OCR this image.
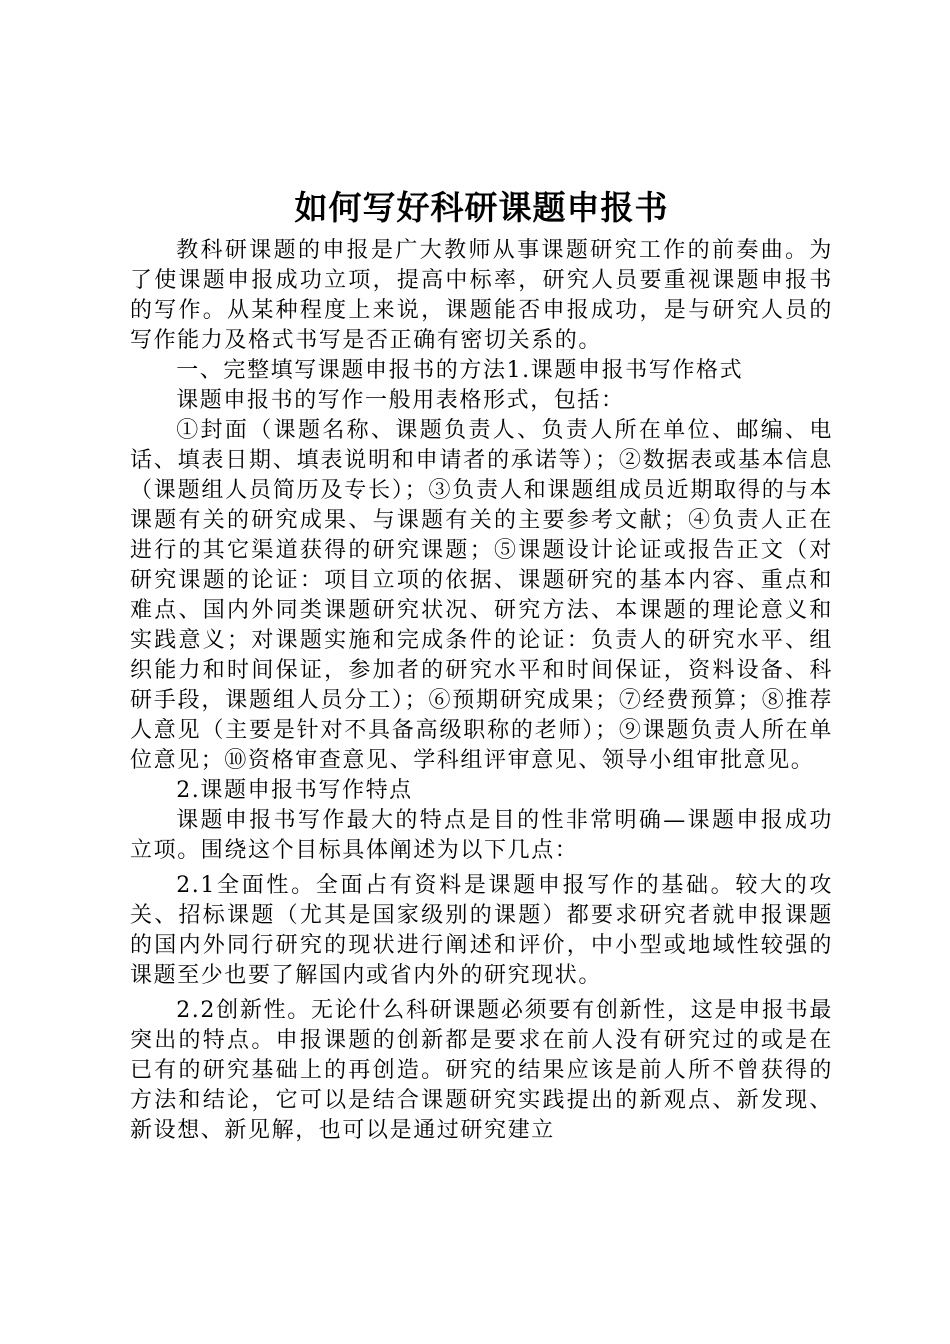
如何写好科研课题申报书

教科研课题的申报是广大教师从事课题研究工作的前奏曲。为了使课题申报成功立项，提高中标率，研究人员要重视课题申报书的写作。从某种程度上来说，课题能否申报成功，是与研究人员的写作能力及格式书写是否正确有密切关系的。

一、完整填写课题申报书的方法1.课题申报书写作格式

课题申报书的写作一般用表格形式，包括：

①封面（课题名称、课题负责人、负责人所在单位、邮编、电话、填表日期、填表说明和申请者的承诺等）；②数据表或基本信息（课题组人员简历及专长）；③负责人和课题组成员近期取得的与本课题有关的研究成果、与课题有关的主要参考文献；④负责人正在进行的其它渠道获得的研究课题；⑤课题设计论证或报告正文（对研究课题的论证：项目立项的依据、课题研究的基本内容、重点和难点、国内外同类课题研究状况、研究方法、本课题的理论意义和实践意义；对课题实施和完成条件的论证：负责人的研究水平、组织能力和时间保证，参加者的研究水平和时间保证，资料设备、科研手段，课题组人员分工）；⑥预期研究成果；⑦经费预算；⑧推荐人意见（主要是针对不具备高级职称的老师）；⑨课题负责人所在单位意见；⑩资格审查意见、学科组评审意见、领导小组审批意见。

2.课题申报书写作特点

课题申报书写作最大的特点是目的性非常明确—课题申报成功立项。围绕这个目标具体阐述为以下几点：

2.1全面性。全面占有资料是课题申报写作的基础。较大的攻关、招标课题（尤其是国家级别的课题）都要求研究者就申报课题的国内外同行研究的现状进行阐述和评价，中小型或地域性较强的课题至少也要了解国内或省内外的研究现状。

2.2创新性。无论什么科研课题必须要有创新性，这是申报书最突出的特点。申报课题的创新都是要求在前人没有研究过的或是在已有的研究基础上的再创造。研究的结果应该是前人所不曾获得的方法和结论，它可以是结合课题研究实践提出的新观点、新发现、新设想、新见解，也可以是通过研究建立
